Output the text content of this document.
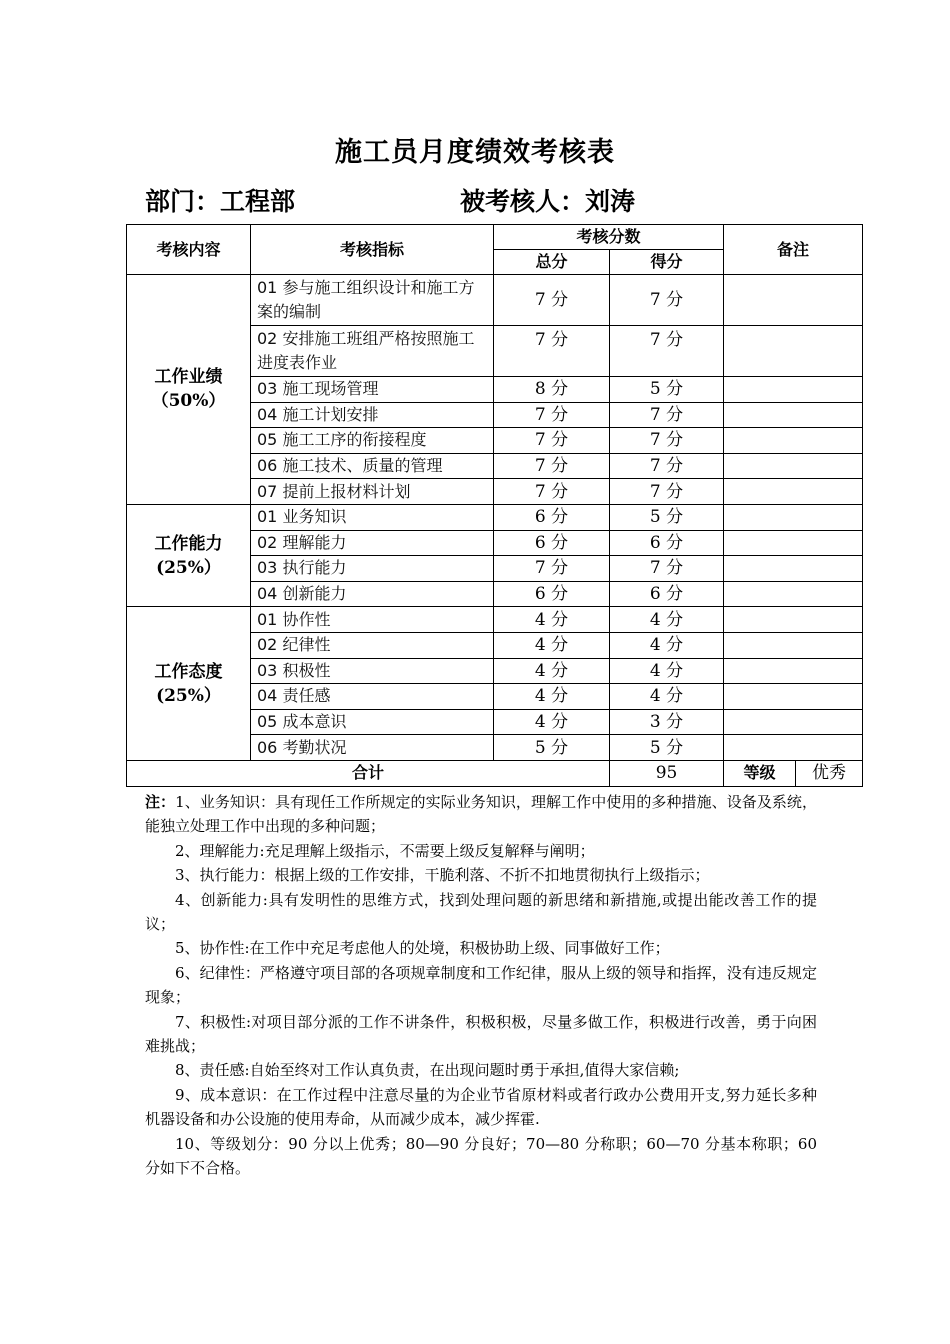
施工员月度绩效考核表
部门：工程部	被考核人：刘涛
考核内容	考核指标	考核分数		备注	
		总分	得分		

工作业绩
（50%）	01 参与施工组织设计和施工方案的编制	7 分	7 分		
	02 安排施工班组严格按照施工进度表作业	7 分	7 分		
	03 施工现场管理	8 分	5 分		
	04 施工计划安排	7 分	7 分		
	05 施工工序的衔接程度	7 分	7 分		
	06 施工技术、质量的管理	7 分	7 分		
	07 提前上报材料计划	7 分	7 分		

工作能力
(25%）	01 业务知识	6 分	5 分		
	02 理解能力	6 分	6 分		
	03 执行能力	7 分	7 分		
	04 创新能力	6 分	6 分		

工作态度
(25%）	01 协作性	4 分	4 分		
	02 纪律性	4 分	4 分		
	03 积极性	4 分	4 分		
	04 责任感	4 分	4 分		
	05 成本意识	4 分	3 分		
	06 考勤状况	5 分	5 分		
合计			95	等级	优秀

注：1、业务知识：具有现任工作所规定的实际业务知识，理解工作中使用的多种措施、设备及系统，能独立处理工作中出现的多种问题；

2、理解能力:充足理解上级指示，不需要上级反复解释与阐明；

3、执行能力：根据上级的工作安排，干脆利落、不折不扣地贯彻执行上级指示；

4、创新能力:具有发明性的思维方式，找到处理问题的新思绪和新措施,或提出能改善工作的提议；

5、协作性:在工作中充足考虑他人的处境，积极协助上级、同事做好工作；

6、纪律性：严格遵守项目部的各项规章制度和工作纪律，服从上级的领导和指挥，没有违反规定现象；

7、积极性:对项目部分派的工作不讲条件，积极积极，尽量多做工作，积极进行改善，勇于向困难挑战；

8、责任感:自始至终对工作认真负责，在出现问题时勇于承担,值得大家信赖;

9、成本意识：在工作过程中注意尽量的为企业节省原材料或者行政办公费用开支,努力延长多种机器设备和办公设施的使用寿命，从而减少成本，减少挥霍.

10、等级划分：90 分以上优秀；80—90 分良好；70—80 分称职；60—70 分基本称职；60 分如下不合格。
